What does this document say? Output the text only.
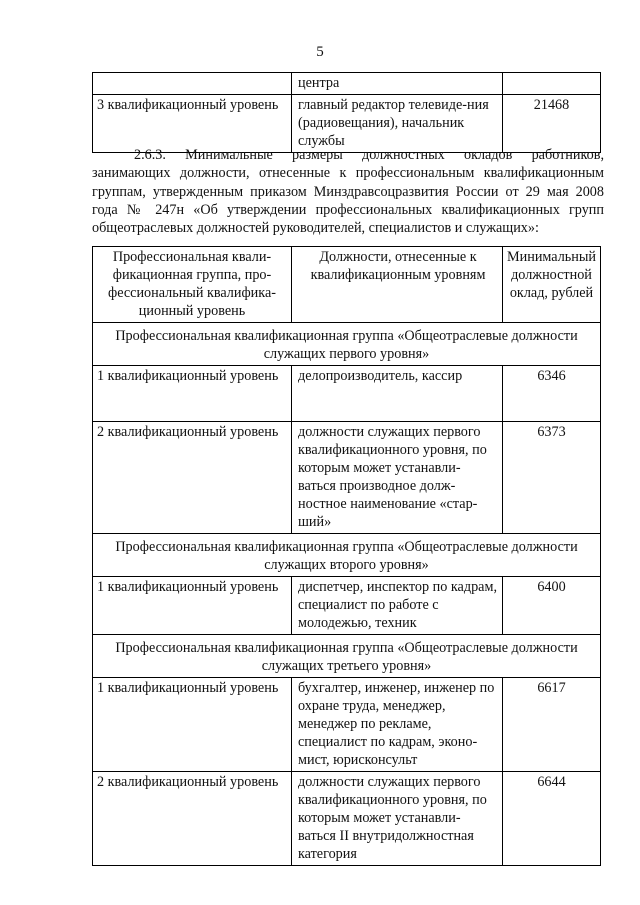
5
	центра	
3 квалификационный уровень	главный редактор телевиде-ния (радиовещания), начальник службы	21468
2.6.3. Минимальные размеры должностных окладов работников, занимающих должности, отнесенные к профессиональным квалификационным группам, утвержденным приказом Минздравсоцразвития России от 29 мая 2008 года № 247н «Об утверждении профессиональных квалификационных групп общеотраслевых должностей руководителей, специалистов и служащих»:
Профессиональная квали-фикационная группа, про-фессиональный квалифика-ционный уровень	Должности, отнесенные к квалификационным уровням	Минимальный должностной оклад, рублей
Профессиональная квалификационная группа «Общеотраслевые должности служащих первого уровня»		
1 квалификационный уровень	делопроизводитель, кассир	6346
2 квалификационный уровень	должности служащих первого квалификационного уровня, по которым может устанавли-ваться производное долж-ностное наименование «стар-ший»	6373
Профессиональная квалификационная группа «Общеотраслевые должности служащих второго уровня»		
1 квалификационный уровень	диспетчер, инспектор по кадрам, специалист по работе с молодежью, техник	6400
Профессиональная квалификационная группа «Общеотраслевые должности служащих третьего уровня»		
1 квалификационный уровень	бухгалтер, инженер, инженер по охране труда, менеджер, менеджер по рекламе, специалист по кадрам, эконо-мист, юрисконсульт	6617
2 квалификационный уровень	должности служащих первого квалификационного уровня, по которым может устанавли-ваться II внутридолжностная категория	6644
